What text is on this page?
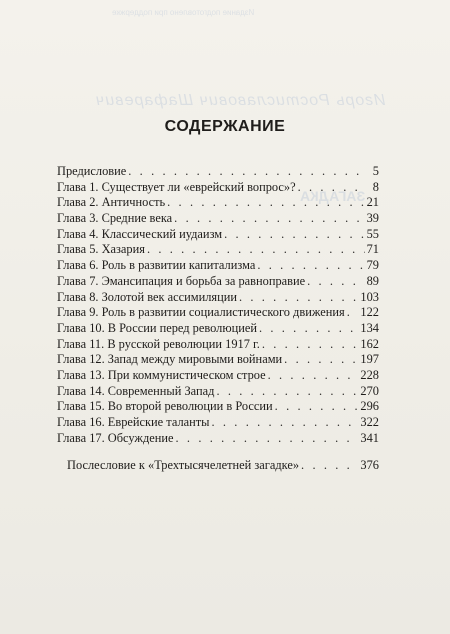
Издание подготовлено при поддержке
Игорь Ростиславович Шафаревич
ЗАГАДКА
СОДЕРЖАНИЕ
Предисловие . . .	5
Глава 1. Существует ли «еврейский вопрос»? . . .	8
Глава 2. Античность . . .	21
Глава 3. Средние века . . .	39
Глава 4. Классический иудаизм . . .	55
Глава 5. Хазария . . .	71
Глава 6. Роль в развитии капитализма . . .	79
Глава 7. Эмансипация и борьба за равноправие . . .	89
Глава 8. Золотой век ассимиляции . . .	103
Глава 9. Роль в развитии социалистического движения . . . 122
Глава 10. В России перед революцией . . .	134
Глава 11. В русской революции 1917 г. . . .	162
Глава 12. Запад между мировыми войнами . . .	197
Глава 13. При коммунистическом строе . . .	228
Глава 14. Современный Запад . . .	270
Глава 15. Во второй революции в России . . .	296
Глава 16. Еврейские таланты . . .	322
Глава 17. Обсуждение . . .	341
Послесловие к «Трехтысячелетней загадке» . . .	376
